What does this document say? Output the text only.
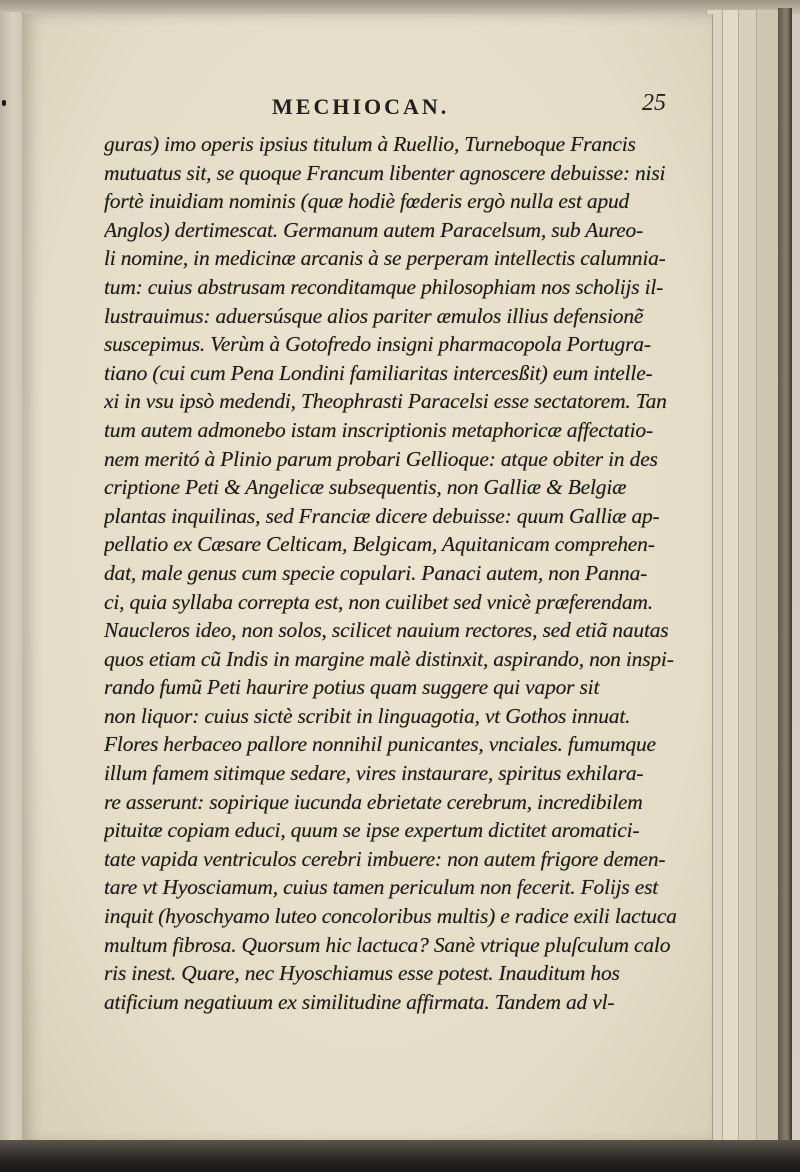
MECHIOCAN.	25
guras) imo operis ipsius titulum à Ruellio, Turneboque Francis
mutuatus sit, se quoque Francum libenter agnoscere debuisse: nisi
fortè inuidiam nominis (quæ hodiè fœderis ergò nulla est apud
Anglos) dertimescat. Germanum autem Paracelsum, sub Aureo-
li nomine, in medicinæ arcanis à se perperam intellectis calumnia-
tum: cuius abstrusam reconditamque philosophiam nos scholijs il-
lustrauimus: aduersúsque alios pariter æmulos illius defensionẽ
suscepimus. Verùm à Gotofredo insigni pharmacopola Portugra-
tiano (cui cum Pena Londini familiaritas intercesßit) eum intelle-
xi in vsu ipsò medendi, Theophrasti Paracelsi esse sectatorem. Tan
tum autem admonebo istam inscriptionis metaphoricæ affectatio-
nem meritó à Plinio parum probari Gellioque: atque obiter in des
criptione Peti & Angelicæ subsequentis, non Galliæ & Belgiæ
plantas inquilinas, sed Franciæ dicere debuisse: quum Galliæ ap-
pellatio ex Cæsare Celticam, Belgicam, Aquitanicam comprehen-
dat, male genus cum specie copulari. Panaci autem, non Panna-
ci, quia syllaba correpta est, non cuilibet sed vnicè præferendam.
Naucleros ideo, non solos, scilicet nauium rectores, sed etiã nautas
quos etiam cũ Indis in margine malè distinxit, aspirando, non inspi-
rando fumũ Peti haurire potius quam suggere qui vapor sit
non liquor: cuius sictè scribit in linguagotia, vt Gothos innuat.
Flores herbaceo pallore nonnihil punicantes, vnciales. fumumque
illum famem sitimque sedare, vires instaurare, spiritus exhilara-
re asserunt: sopirique iucunda ebrietate cerebrum, incredibilem
pituitæ copiam educi, quum se ipse expertum dictitet aromatici-
tate vapida ventriculos cerebri imbuere: non autem frigore demen-
tare vt Hyosciamum, cuius tamen periculum non fecerit. Folijs est
inquit (hyoschyamo luteo concoloribus multis) e radice exili lactuca
multum fibrosa. Quorsum hic lactuca? Sanè vtrique pluſculum calo
ris inest. Quare, nec Hyoschiamus esse potest. Inauditum hos
atificium negatiuum ex similitudine affirmata. Tandem ad vl-
